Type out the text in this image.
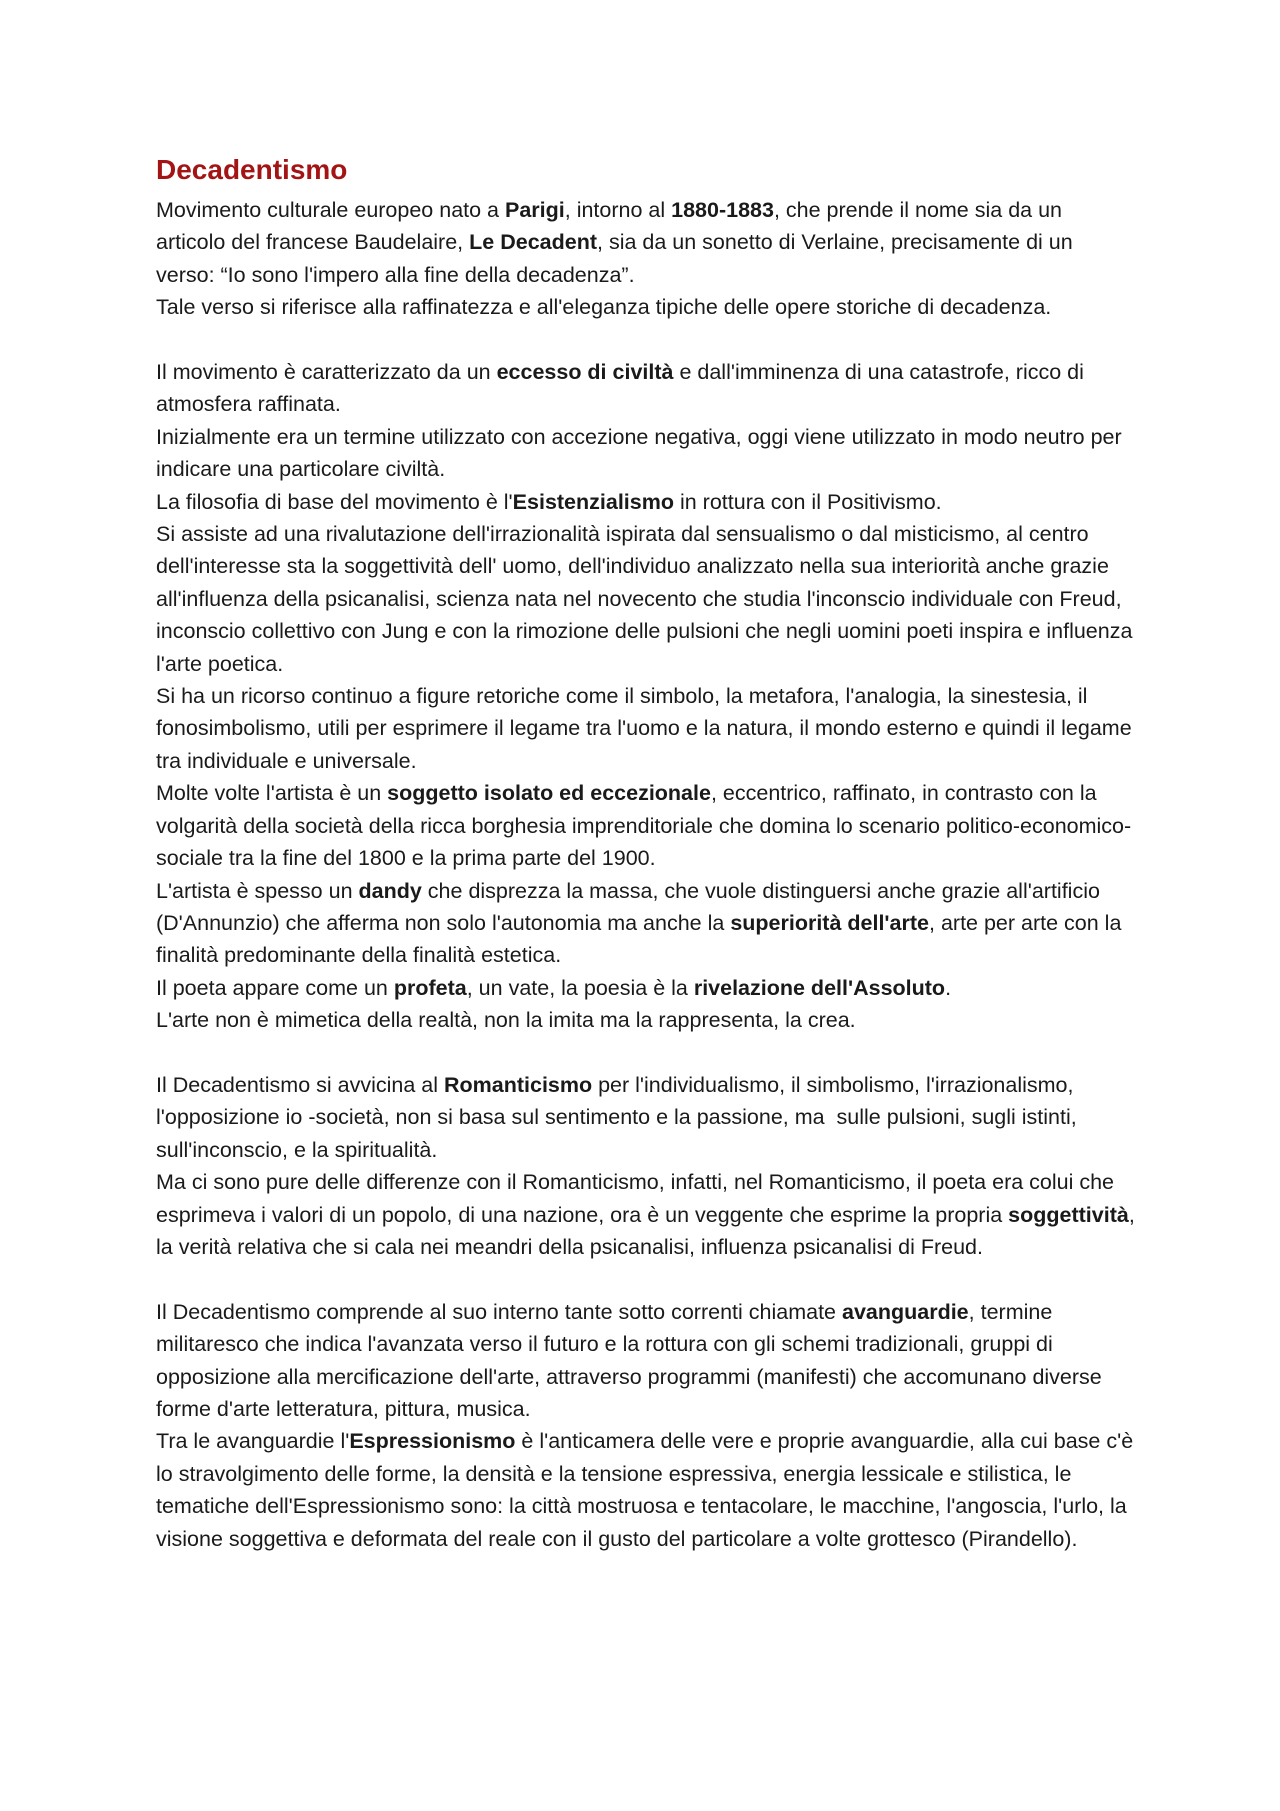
Decadentismo

Movimento culturale europeo nato a Parigi, intorno al 1880-1883, che prende il nome sia da un articolo del francese Baudelaire, Le Decadent, sia da un sonetto di Verlaine, precisamente di un verso: “Io sono l'impero alla fine della decadenza”.

Tale verso si riferisce alla raffinatezza e all'eleganza tipiche delle opere storiche di decadenza.

Il movimento è caratterizzato da un eccesso di civiltà e dall'imminenza di una catastrofe, ricco di atmosfera raffinata.

Inizialmente era un termine utilizzato con accezione negativa, oggi viene utilizzato in modo neutro per indicare una particolare civiltà.

La filosofia di base del movimento è l'Esistenzialismo in rottura con il Positivismo.

Si assiste ad una rivalutazione dell'irrazionalità ispirata dal sensualismo o dal misticismo, al centro dell'interesse sta la soggettività dell' uomo, dell'individuo analizzato nella sua interiorità anche grazie all'influenza della psicanalisi, scienza nata nel novecento che studia l'inconscio individuale con Freud, inconscio collettivo con Jung e con la rimozione delle pulsioni che negli uomini poeti inspira e influenza l'arte poetica.

Si ha un ricorso continuo a figure retoriche come il simbolo, la metafora, l'analogia, la sinestesia, il fonosimbolismo, utili per esprimere il legame tra l'uomo e la natura, il mondo esterno e quindi il legame tra individuale e universale.

Molte volte l'artista è un soggetto isolato ed eccezionale, eccentrico, raffinato, in contrasto con la volgarità della società della ricca borghesia imprenditoriale che domina lo scenario politico-economico-sociale tra la fine del 1800 e la prima parte del 1900.

L'artista è spesso un dandy che disprezza la massa, che vuole distinguersi anche grazie all'artificio (D'Annunzio) che afferma non solo l'autonomia ma anche la superiorità dell'arte, arte per arte con la finalità predominante della finalità estetica.

Il poeta appare come un profeta, un vate, la poesia è la rivelazione dell'Assoluto.

L'arte non è mimetica della realtà, non la imita ma la rappresenta, la crea.

Il Decadentismo si avvicina al Romanticismo per l'individualismo, il simbolismo, l'irrazionalismo, l'opposizione io -società, non si basa sul sentimento e la passione, ma  sulle pulsioni, sugli istinti, sull'inconscio, e la spiritualità.

Ma ci sono pure delle differenze con il Romanticismo, infatti, nel Romanticismo, il poeta era colui che esprimeva i valori di un popolo, di una nazione, ora è un veggente che esprime la propria soggettività, la verità relativa che si cala nei meandri della psicanalisi, influenza psicanalisi di Freud.

Il Decadentismo comprende al suo interno tante sotto correnti chiamate avanguardie, termine militaresco che indica l'avanzata verso il futuro e la rottura con gli schemi tradizionali, gruppi di opposizione alla mercificazione dell'arte, attraverso programmi (manifesti) che accomunano diverse forme d'arte letteratura, pittura, musica.

Tra le avanguardie l'Espressionismo è l'anticamera delle vere e proprie avanguardie, alla cui base c'è lo stravolgimento delle forme, la densità e la tensione espressiva, energia lessicale e stilistica, le tematiche dell'Espressionismo sono: la città mostruosa e tentacolare, le macchine, l'angoscia, l'urlo, la visione soggettiva e deformata del reale con il gusto del particolare a volte grottesco (Pirandello).
